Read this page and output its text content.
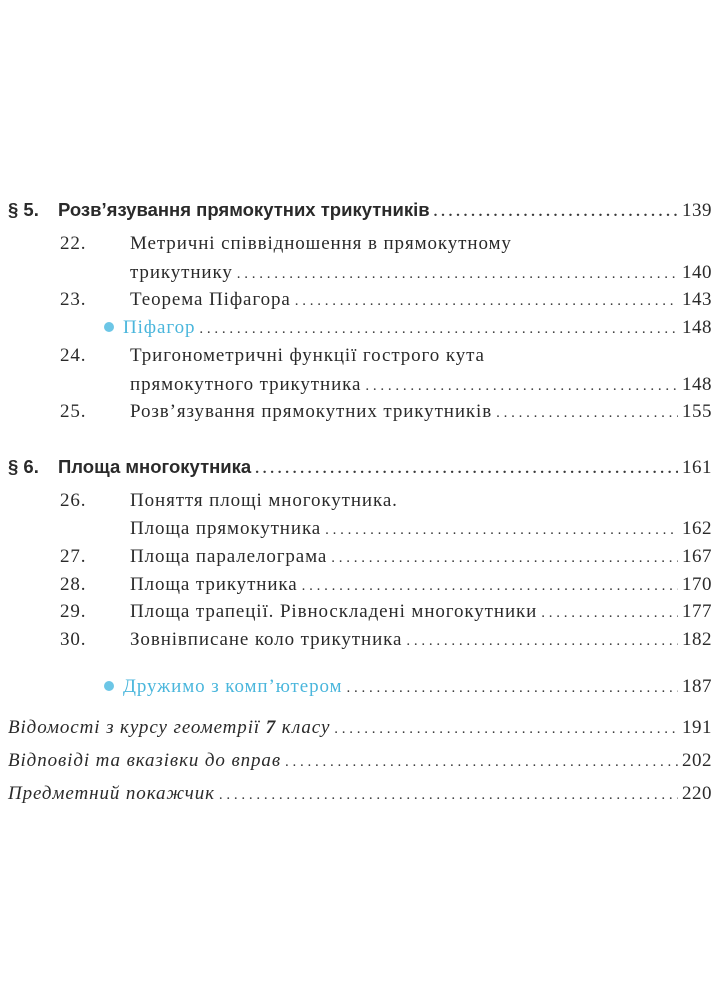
§ 5.	Розв’язування прямокутних трикутників . . .	139
22.	Метричні співвідношення в прямокутному
трикутнику . . .	140
23.	Теорема Піфагора . . .	143
Піфагор . . .	148
24.	Тригонометричні функції гострого кута
прямокутного трикутника . . .	148
25.	Розв’язування прямокутних трикутників . . .	155
§ 6.	Площа многокутника . . .	161
26.	Поняття площі многокутника.
Площа прямокутника . . .	162
27.	Площа паралелограма . . .	167
28.	Площа трикутника . . .	170
29.	Площа трапеції. Рівноскладені многокутники . . .	177
30.	Зовнівписане коло трикутника . . .	182
Дружимо з комп’ютером . . .	187
Відомості з курсу геометрії 7 класу . . .	191
Відповіді та вказівки до вправ . . .	202
Предметний покажчик . . .	220
